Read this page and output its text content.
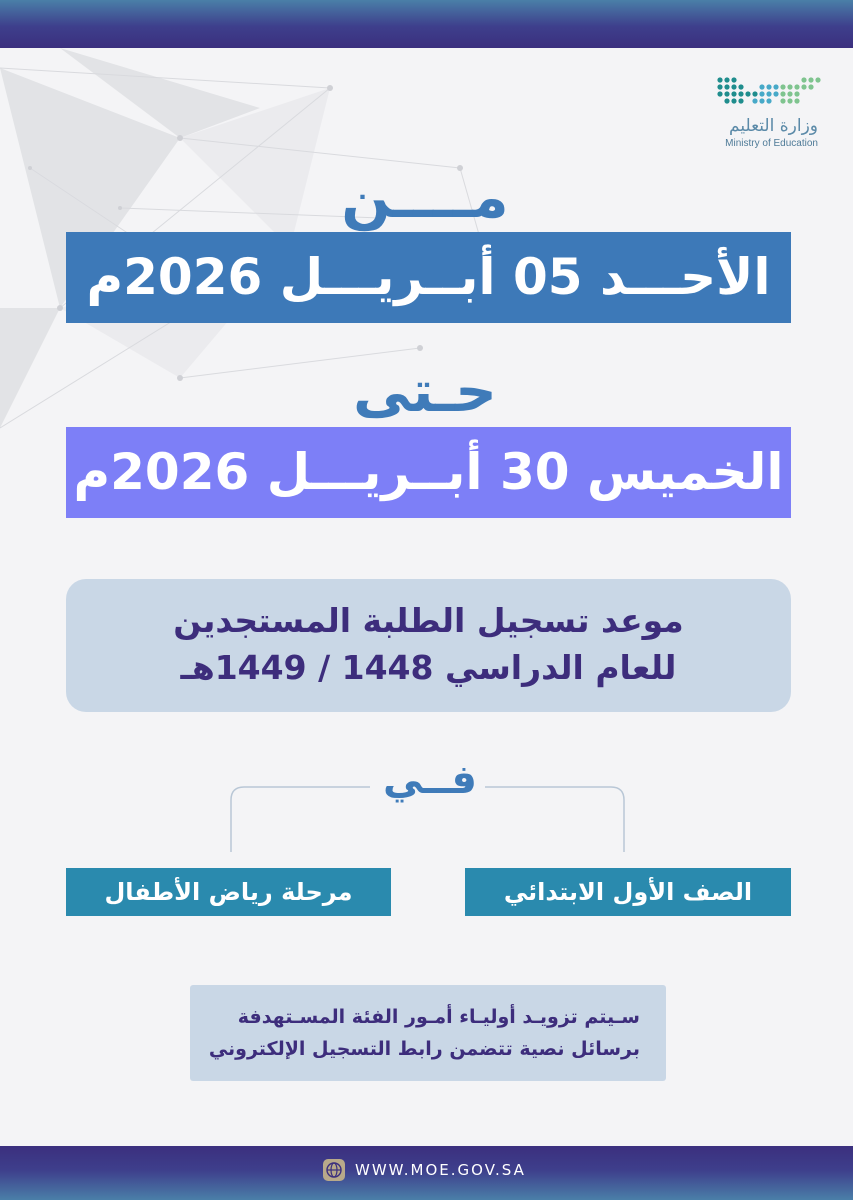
وزارة التعليم
Ministry of Education
مــــن
الأحـــد 05 أبــريـــل 2026م
حـتى
الخميس 30 أبــريـــل 2026م
موعد تسجيل الطلبة المستجدين
للعام الدراسي 1448 / 1449هـ
فــي
الصف الأول الابتدائي
مرحلة رياض الأطفال
سـيتم تزويـد أوليـاء أمـور الفئة المسـتهدفة
برسائل نصية تتضمن رابط التسجيل الإلكتروني
WWW.MOE.GOV.SA
